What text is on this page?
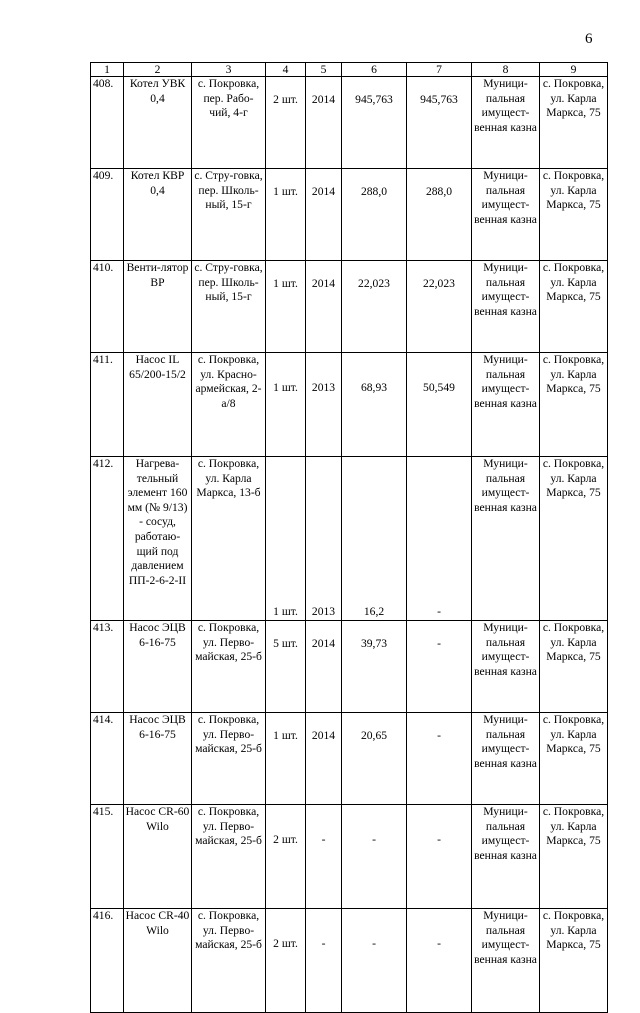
6
1	2	3	4	5	6	7	8	9
408.	Котел УВК 0,4	с. Покровка, пер. Рабо-чий, 4-г	2 шт.	2014	945,763	945,763	Муници-пальная имущест-венная казна	с. Покровка, ул. Карла Маркса, 75
409.	Котел КВР 0,4	с. Стру-говка, пер. Школь-ный, 15-г	1 шт.	2014	288,0	288,0	Муници-пальная имущест-венная казна	с. Покровка, ул. Карла Маркса, 75
410.	Венти-лятор ВР	с. Стру-говка, пер. Школь-ный, 15-г	1 шт.	2014	22,023	22,023	Муници-пальная имущест-венная казна	с. Покровка, ул. Карла Маркса, 75
411.	Насос IL 65/200-15/2	с. Покровка, ул. Красно-армейская, 2-а/8	1 шт.	2013	68,93	50,549	Муници-пальная имущест-венная казна	с. Покровка, ул. Карла Маркса, 75
412.	Нагрева-тельный элемент 160 мм (№ 9/13) - сосуд, работаю-щий под давлением ПП-2-6-2-II	с. Покровка, ул. Карла Маркса, 13-б	1 шт.	2013	16,2	-	Муници-пальная имущест-венная казна	с. Покровка, ул. Карла Маркса, 75
413.	Насос ЭЦВ 6-16-75	с. Покровка, ул. Перво-майская, 25-б	5 шт.	2014	39,73	-	Муници-пальная имущест-венная казна	с. Покровка, ул. Карла Маркса, 75
414.	Насос ЭЦВ 6-16-75	с. Покровка, ул. Перво-майская, 25-б	1 шт.	2014	20,65	-	Муници-пальная имущест-венная казна	с. Покровка, ул. Карла Маркса, 75
415.	Насос CR-60 Wilo	с. Покровка, ул. Перво-майская, 25-б	2 шт.	-	-	-	Муници-пальная имущест-венная казна	с. Покровка, ул. Карла Маркса, 75
416.	Насос CR-40 Wilo	с. Покровка, ул. Перво-майская, 25-б	2 шт.	-	-	-	Муници-пальная имущест-венная казна	с. Покровка, ул. Карла Маркса, 75
